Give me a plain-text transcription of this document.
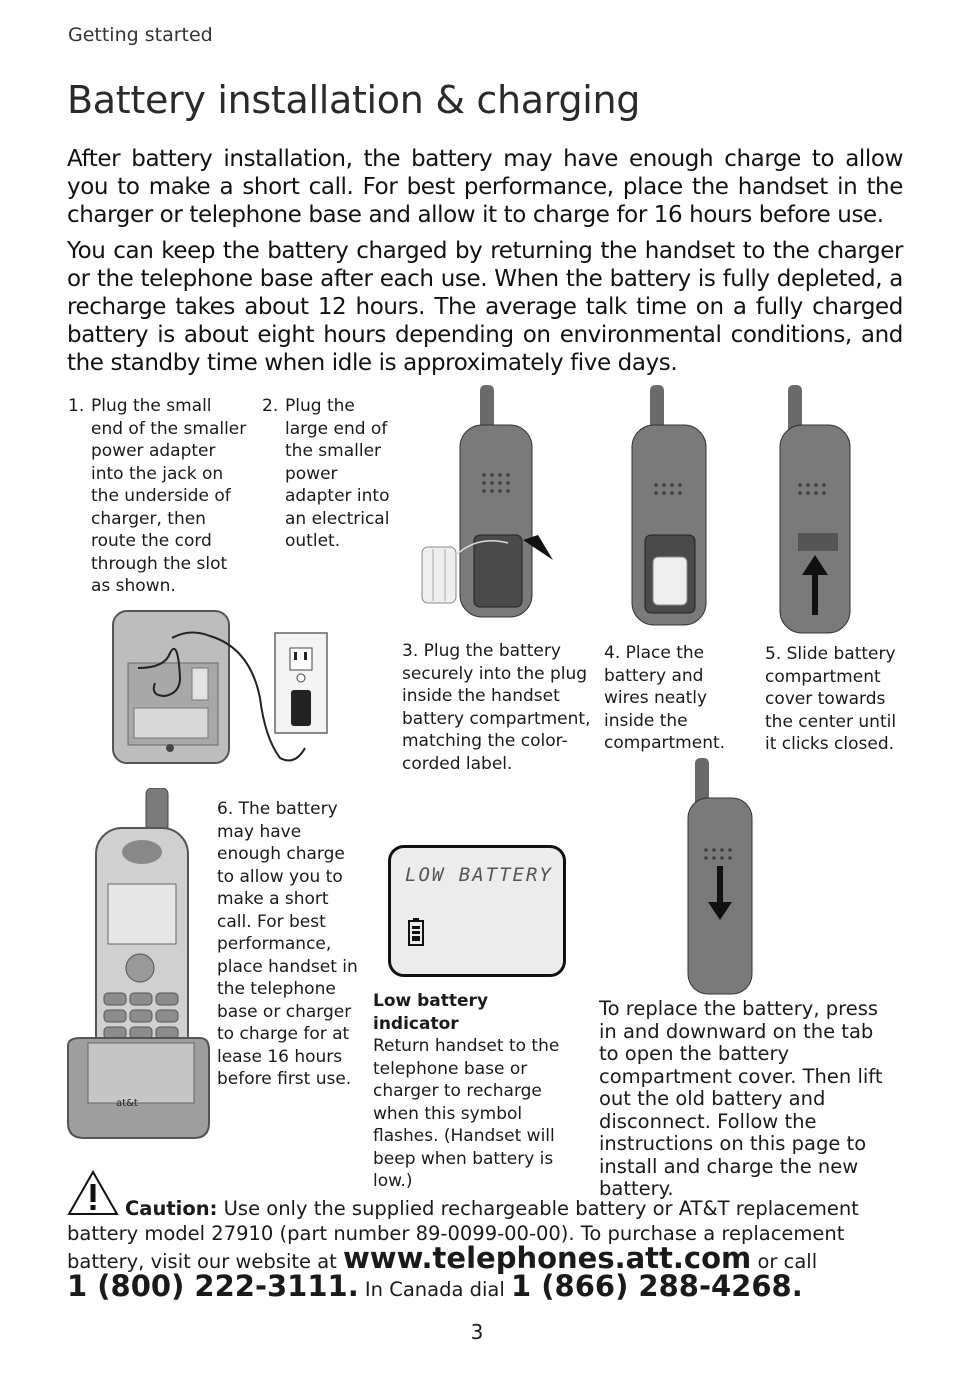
Getting started
Battery installation & charging

After battery installation, the battery may have enough charge to allow you to make a short call. For best performance, place the handset in the charger or telephone base and allow it to charge for 16 hours before use.

You can keep the battery charged by returning the handset to the charger or the telephone base after each use. When the battery is fully depleted, a recharge takes about 12 hours. The average talk time on a fully charged battery is about eight hours depending on environmental conditions, and the standby time when idle is approximately five days.

1. Plug the small end of the smaller power adapter into the jack on the underside of charger, then route the cord through the slot as shown.
2. Plug the large end of the smaller power adapter into an electrical outlet.

3. Plug the battery securely into the plug inside the handset battery compartment, matching the color-corded label.

4. Place the battery and wires neatly inside the compartment.

5. Slide battery compartment cover towards the center until it clicks closed.

at&t

6. The battery may have enough charge to allow you to make a short call. For best performance, place handset in the telephone base or charger to charge for at lease 16 hours before first use.

LOW BATTERY
Low battery indicator
Return handset to the telephone base or charger to recharge when this symbol flashes. (Handset will beep when battery is low.)

To replace the battery, press in and downward on the tab to open the battery compartment cover. Then lift out the old battery and disconnect. Follow the instructions on this page to install and charge the new battery.

Caution: Use only the supplied rechargeable battery or AT&T replacement battery model 27910 (part number 89-0099-00-00). To purchase a replacement battery, visit our website at www.telephones.att.com or call
1 (800) 222-3111. In Canada dial 1 (866) 288-4268.
3
